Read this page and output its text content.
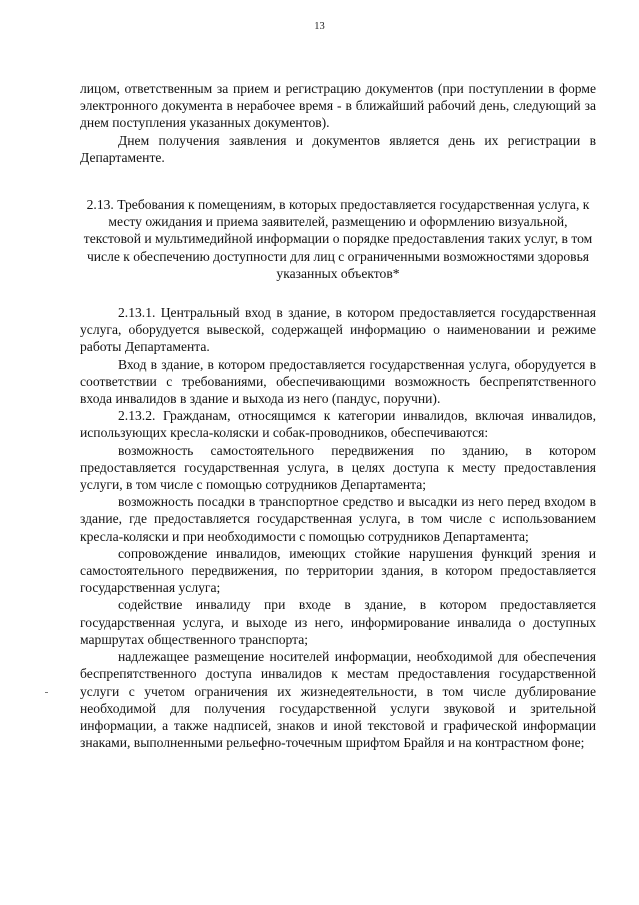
13

лицом, ответственным за прием и регистрацию документов (при поступлении в форме электронного документа в нерабочее время - в ближайший рабочий день, следующий за днем поступления указанных документов).

Днем получения заявления и документов является день их регистрации в Департаменте.

2.13. Требования к помещениям, в которых предоставляется государственная услуга, к месту ожидания и приема заявителей, размещению и оформлению визуальной, текстовой и мультимедийной информации о порядке предоставления таких услуг, в том числе к обеспечению доступности для лиц с ограниченными возможностями здоровья указанных объектов*

2.13.1. Центральный вход в здание, в котором предоставляется государственная услуга, оборудуется вывеской, содержащей информацию о наименовании и режиме работы Департамента.

Вход в здание, в котором предоставляется государственная услуга, оборудуется в соответствии с требованиями, обеспечивающими возможность беспрепятственного входа инвалидов в здание и выхода из него (пандус, поручни).

2.13.2. Гражданам, относящимся к категории инвалидов, включая инвалидов, использующих кресла-коляски и собак-проводников, обеспечиваются:

возможность самостоятельного передвижения по зданию, в котором предоставляется государственная услуга, в целях доступа к месту предоставления услуги, в том числе с помощью сотрудников Департамента;

возможность посадки в транспортное средство и высадки из него перед входом в здание, где предоставляется государственная услуга, в том числе с использованием кресла-коляски и при необходимости с помощью сотрудников Департамента;

сопровождение инвалидов, имеющих стойкие нарушения функций зрения и самостоятельного передвижения, по территории здания, в котором предоставляется государственная услуга;

содействие инвалиду при входе в здание, в котором предоставляется государственная услуга, и выходе из него, информирование инвалида о доступных маршрутах общественного транспорта;

надлежащее размещение носителей информации, необходимой для обеспечения беспрепятственного доступа инвалидов к местам предоставления государственной услуги с учетом ограничения их жизнедеятельности, в том числе дублирование необходимой для получения государственной услуги звуковой и зрительной информации, а также надписей, знаков и иной текстовой и графической информации знаками, выполненными рельефно-точечным шрифтом Брайля и на контрастном фоне;
